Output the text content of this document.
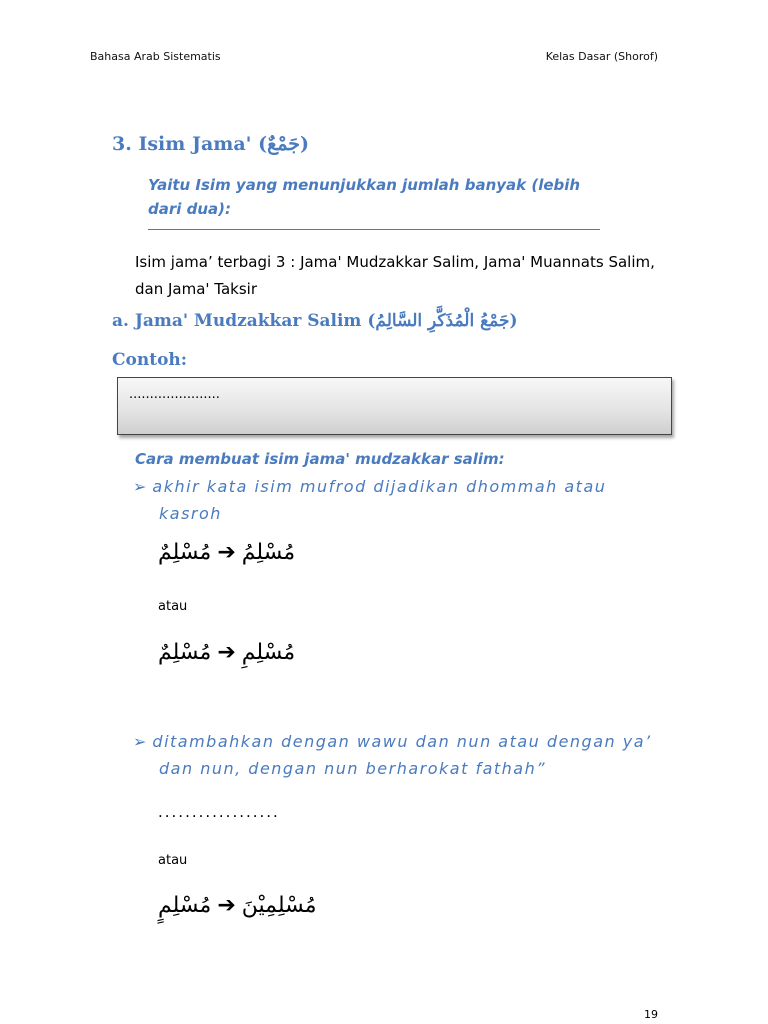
Bahasa Arab Sistematis	Kelas Dasar (Shorof)
3. Isim Jama' (جَمْعٌ)
Yaitu Isim yang menunjukkan jumlah banyak (lebih dari dua):
Isim jama’ terbagi 3 : Jama' Mudzakkar Salim, Jama' Muannats Salim, dan Jama' Taksir
a. Jama' Mudzakkar Salim (جَمْعُ الْمُذَكَّرِ السَّالِمُ)
Contoh:
......................
Cara membuat isim jama' mudzakkar salim:
➢ akhir kata isim mufrod dijadikan dhommah atau
kasroh
مُسْلِمٌ ➔ مُسْلِمُ
atau
مُسْلِمٌ ➔ مُسْلِمِ
➢ ditambahkan dengan wawu dan nun atau dengan ya’
dan nun, dengan nun berharokat fathah”
..................
atau
مُسْلِمٍ ➔ مُسْلِمِيْنَ
19
